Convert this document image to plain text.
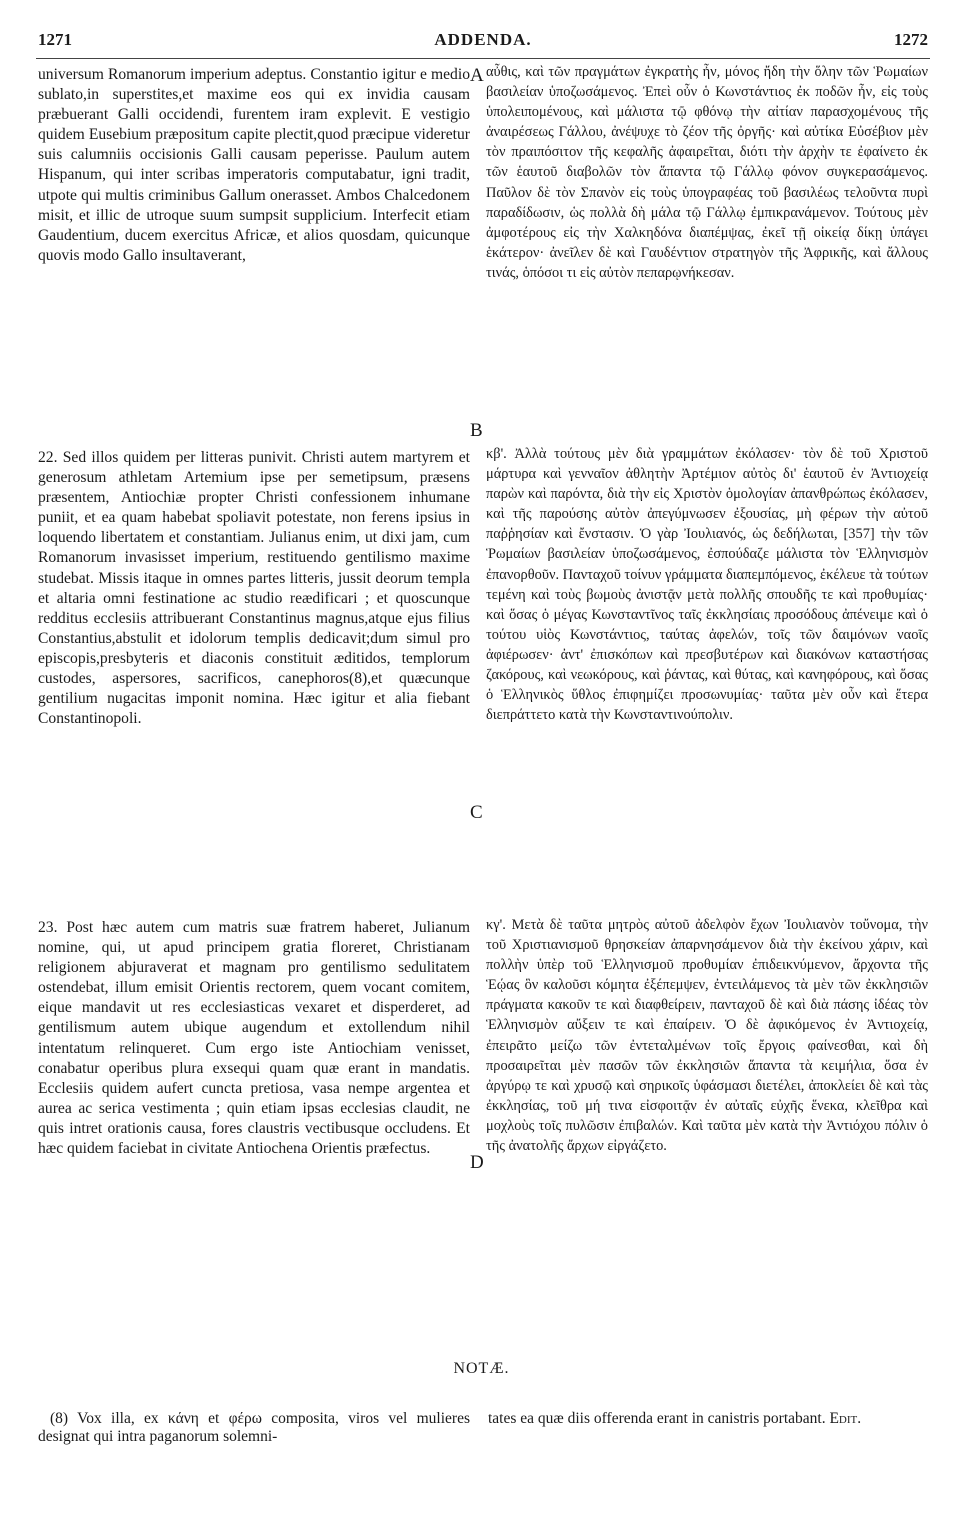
1271	ADDENDA.	1272
A
B
C
D

universum Romanorum imperium adeptus. Constantio igitur e medio sublato,in superstites,et maxime eos qui ex invidia causam præbuerant Galli occidendi, furentem iram explevit. E vestigio quidem Eusebium præpositum capite plectit,quod præcipue videretur suis calumniis occisionis Galli causam peperisse. Paulum autem Hispanum, qui inter scribas imperatoris computabatur, igni tradit, utpote qui multis criminibus Gallum onerasset. Ambos Chalcedonem misit, et illic de utroque suum sumpsit supplicium. Interfecit etiam Gaudentium, ducem exercitus Africæ, et alios quosdam, quicunque quovis modo Gallo insultaverant,

22. Sed illos quidem per litteras punivit. Christi autem martyrem et generosum athletam Artemium ipse per semetipsum, præsens præsentem, Antiochiæ propter Christi confessionem inhumane puniit, et ea quam habebat spoliavit potestate, non ferens ipsius in loquendo libertatem et constantiam. Julianus enim, ut dixi jam, cum Romanorum invasisset imperium, restituendo gentilismo maxime studebat. Missis itaque in omnes partes litteris, jussit deorum templa et altaria omni festinatione ac studio reædificari ; et quoscunque redditus ecclesiis attribuerant Constantinus magnus,atque ejus filius Constantius,abstulit et idolorum templis dedicavit;dum simul pro episcopis,presbyteris et diaconis constituit æditidos, templorum custodes, aspersores, sacrificos, canephoros(8),et quæcunque gentilium nugacitas imponit nomina. Hæc igitur et alia fiebant Constantinopoli.

23. Post hæc autem cum matris suæ fratrem haberet, Julianum nomine, qui, ut apud principem gratia floreret, Christianam religionem abjuraverat et magnam pro gentilismo sedulitatem ostendebat, illum emisit Orientis rectorem, quem vocant comitem, eique mandavit ut res ecclesiasticas vexaret et disperderet, ad gentilismum autem ubique augendum et extollendum nihil intentatum relinqueret. Cum ergo iste Antiochiam venisset, conabatur operibus plura exsequi quam quæ erant in mandatis. Ecclesiis quidem aufert cuncta pretiosa, vasa nempe argentea et aurea ac serica vestimenta ; quin etiam ipsas ecclesias claudit, ne quis intret orationis causa, fores claustris vectibusque occludens. Et hæc quidem faciebat in civitate Antiochena Orientis præfectus.

αὖθις, καὶ τῶν πραγμάτων ἐγκρατὴς ἦν, μόνος ἤδη τὴν ὅλην τῶν Ῥωμαίων βασιλείαν ὑποζωσάμενος. Ἐπεὶ οὖν ὁ Κωνστάντιος ἐκ ποδῶν ἦν, εἰς τοὺς ὑπολειπομένους, καὶ μάλιστα τῷ φθόνῳ τὴν αἰτίαν παρασχομένους τῆς ἀναιρέσεως Γάλλου, ἀνέψυχε τὸ ζέον τῆς ὀργῆς· καὶ αὐτίκα Εὐσέβιον μὲν τὸν πραιπόσιτον τῆς κεφαλῆς ἀφαιρεῖται, διότι τὴν ἀρχὴν τε ἐφαίνετο ἐκ τῶν ἑαυτοῦ διαβολῶν τὸν ἅπαντα τῷ Γάλλῳ φόνον συγκερασάμενος. Παῦλον δὲ τὸν Σπανὸν εἰς τοὺς ὑπογραφέας τοῦ βασιλέως τελοῦντα πυρὶ παραδίδωσιν, ὡς πολλὰ δὴ μάλα τῷ Γάλλῳ ἐμπικρανάμενον. Τούτους μὲν ἀμφοτέρους εἰς τὴν Χαλκηδόνα διαπέμψας, ἐκεῖ τῇ οἰκείᾳ δίκῃ ὑπάγει ἑκάτερον· ἀνεῖλεν δὲ καὶ Γαυδέντιον στρατηγὸν τῆς Ἀφρικῆς, καὶ ἄλλους τινάς, ὁπόσοι τι εἰς αὐτὸν πεπαρῳνήκεσαν.

κβ'. Ἀλλὰ τούτους μὲν διὰ γραμμάτων ἐκόλασεν· τὸν δὲ τοῦ Χριστοῦ μάρτυρα καὶ γενναῖον ἀθλητὴν Ἀρτέμιον αὐτὸς δι' ἑαυτοῦ ἐν Ἀντιοχείᾳ παρὼν καὶ παρόντα, διὰ τὴν εἰς Χριστὸν ὁμολογίαν ἀπανθρώπως ἐκόλασεν, καὶ τῆς παρούσης αὐτὸν ἀπεγύμνωσεν ἐξουσίας, μὴ φέρων τὴν αὐτοῦ παῤῥησίαν καὶ ἔνστασιν. Ὁ γὰρ Ἰουλιανός, ὡς δεδήλωται, [357] τὴν τῶν Ῥωμαίων βασιλείαν ὑποζωσάμενος, ἐσπούδαζε μάλιστα τὸν Ἑλληνισμὸν ἐπανορθοῦν. Πανταχοῦ τοίνυν γράμματα διαπεμπόμενος, ἐκέλευε τὰ τούτων τεμένη καὶ τοὺς βωμοὺς ἀνιστᾷν μετὰ πολλῆς σπουδῆς τε καὶ προθυμίας· καὶ ὅσας ὁ μέγας Κωνσταντῖνος ταῖς ἐκκλησίαις προσόδους ἀπένειμε καὶ ὁ τούτου υἱὸς Κωνστάντιος, ταύτας ἀφελών, τοῖς τῶν δαιμόνων ναοῖς ἀφιέρωσεν· ἀντ' ἐπισκόπων καὶ πρεσβυτέρων καὶ διακόνων καταστήσας ζακόρους, καὶ νεωκόρους, καὶ ῥάντας, καὶ θύτας, καὶ κανηφόρους, καὶ ὅσας ὁ Ἑλληνικὸς ὕθλος ἐπιφημίζει προσωνυμίας· ταῦτα μὲν οὖν καὶ ἕτερα διεπράττετο κατὰ τὴν Κωνσταντινούπολιν.

κγ'. Μετὰ δὲ ταῦτα μητρὸς αὐτοῦ ἀδελφὸν ἔχων Ἰουλιανὸν τοὔνομα, τὴν τοῦ Χριστιανισμοῦ θρησκείαν ἀπαρνησάμενον διὰ τὴν ἐκείνου χάριν, καὶ πολλὴν ὑπὲρ τοῦ Ἑλληνισμοῦ προθυμίαν ἐπιδεικνύμενον, ἄρχοντα τῆς Ἑῴας ὃν καλοῦσι κόμητα ἐξέπεμψεν, ἐντειλάμενος τὰ μὲν τῶν ἐκκλησιῶν πράγματα κακοῦν τε καὶ διαφθείρειν, πανταχοῦ δὲ καὶ διὰ πάσης ἰδέας τὸν Ἑλληνισμὸν αὔξειν τε καὶ ἐπαίρειν. Ὁ δὲ ἀφικόμενος ἐν Ἀντιοχείᾳ, ἐπειρᾶτο μείζω τῶν ἐντεταλμένων τοῖς ἔργοις φαίνεσθαι, καὶ δὴ προσαιρεῖται μὲν πασῶν τῶν ἐκκλησιῶν ἅπαντα τὰ κειμήλια, ὅσα ἐν ἀργύρῳ τε καὶ χρυσῷ καὶ σηρικοῖς ὑφάσμασι διετέλει, ἀποκλείει δὲ καὶ τὰς ἐκκλησίας, τοῦ μή τινα εἰσφοιτᾷν ἐν αὐταῖς εὐχῆς ἕνεκα, κλεῖθρα καὶ μοχλοὺς τοῖς πυλῶσιν ἐπιβαλών. Καὶ ταῦτα μὲν κατὰ τὴν Ἀντιόχου πόλιν ὁ τῆς ἀνατολῆς ἄρχων εἰργάζετο.

NOTÆ.
(8) Vox illa, ex κάνη et φέρω composita, viros vel mulieres designat qui intra paganorum solemni-
tates ea quæ diis offerenda erant in canistris portabant. Edit.
